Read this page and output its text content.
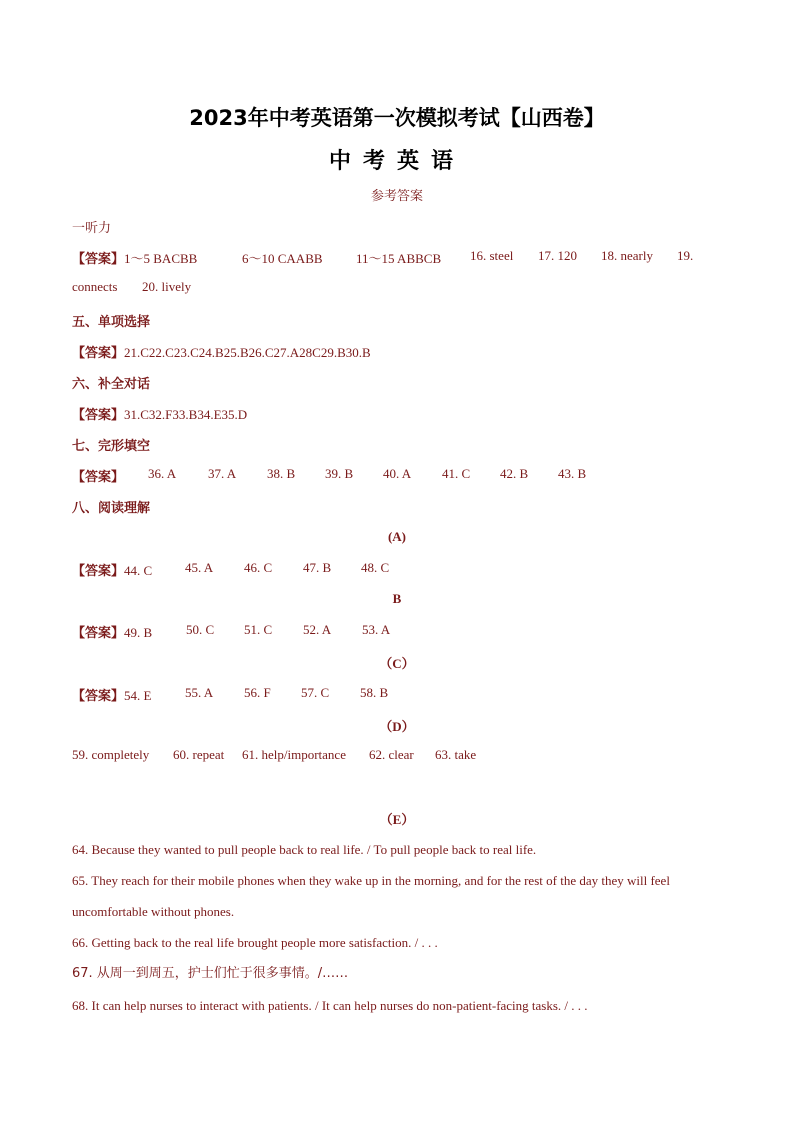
2023年中考英语第一次模拟考试【山西卷】
中考英语
参考答案
一听力
【答案】1～5 BACBB	6～10 CAABB	11～15 ABBCB 16. steel 17. 120 18. nearly 19.
connects 20. lively
五、单项选择
【答案】21.C22.C23.C24.B25.B26.C27.A28C29.B30.B
六、补全对话
【答案】31.C32.F33.B34.E35.D
七、完形填空
【答案】 36. A 37. A 38. B 39. B 40. A 41. C 42. B 43. B
八、阅读理解
(A)
【答案】44. C	45. A 46. C 47. B 48. C
B
【答案】49. B	50. C 51. C 52. A 53. A
（C）
【答案】54. E	55. A 56. F 57. C 58. B
（D）
59. completely 60. repeat 61. help/importance 62. clear 63. take
（E）
64. Because they wanted to pull people back to real life. / To pull people back to real life.
65. They reach for their mobile phones when they wake up in the morning, and for the rest of the day they will feel uncomfortable without phones.
66. Getting back to the real life brought people more satisfaction. / . . .
67. 从周一到周五，护士们忙于很多事情。/……
68. It can help nurses to interact with patients. / It can help nurses do non-patient-facing tasks. / . . .
